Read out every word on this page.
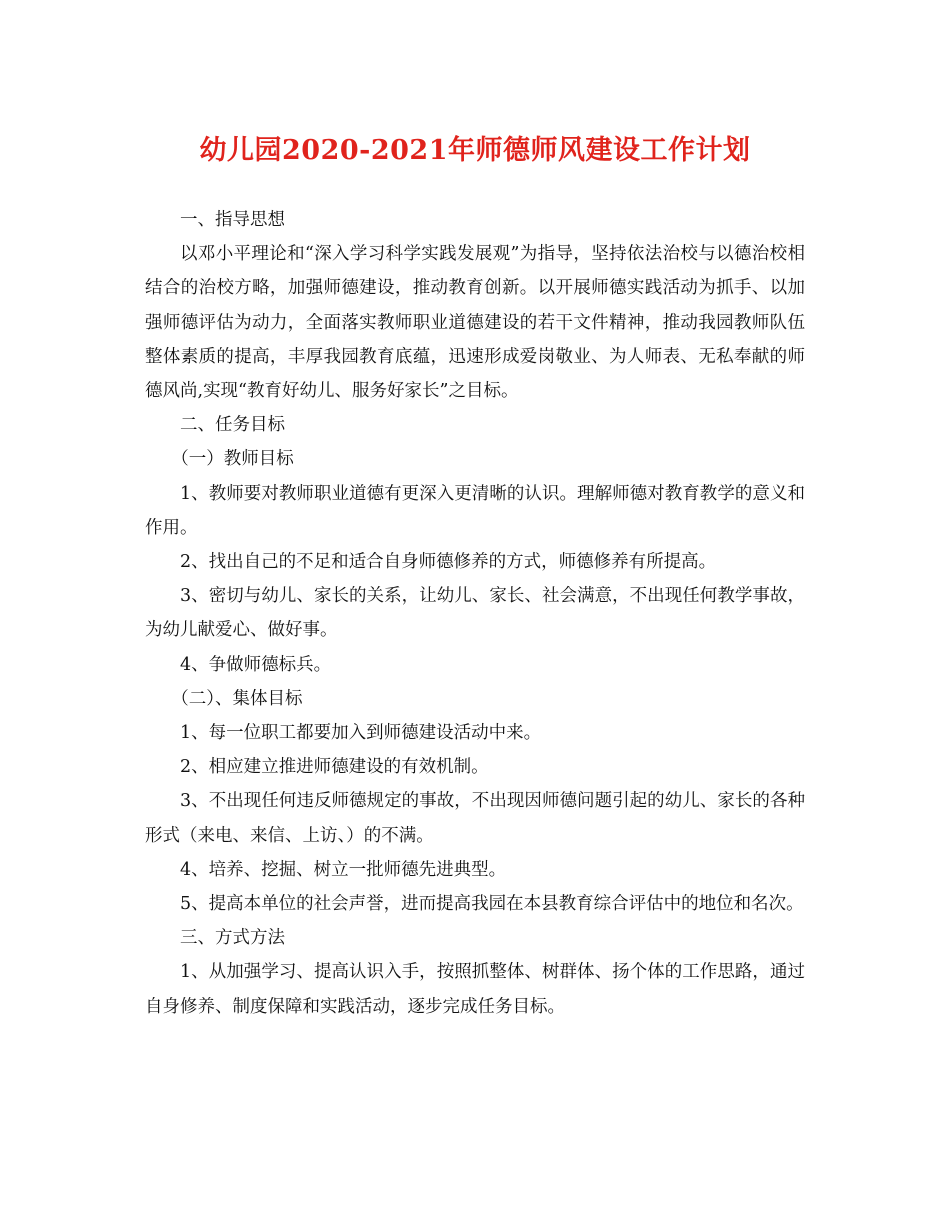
幼儿园2020-2021年师德师风建设工作计划

一、指导思想

以邓小平理论和“深入学习科学实践发展观”为指导，坚持依法治校与以德治校相结合的治校方略，加强师德建设，推动教育创新。以开展师德实践活动为抓手、以加强师德评估为动力，全面落实教师职业道德建设的若干文件精神，推动我园教师队伍整体素质的提高，丰厚我园教育底蕴，迅速形成爱岗敬业、为人师表、无私奉献的师德风尚,实现“教育好幼儿、服务好家长”之目标。

二、任务目标

（一）教师目标

1、教师要对教师职业道德有更深入更清晰的认识。理解师德对教育教学的意义和作用。

2、找出自己的不足和适合自身师德修养的方式，师德修养有所提高。

3、密切与幼儿、家长的关系，让幼儿、家长、社会满意，不出现任何教学事故，为幼儿献爱心、做好事。

4、争做师德标兵。

（二）、集体目标

1、每一位职工都要加入到师德建设活动中来。

2、相应建立推进师德建设的有效机制。

3、不出现任何违反师德规定的事故，不出现因师德问题引起的幼儿、家长的各种形式（来电、来信、上访、）的不满。

4、培养、挖掘、树立一批师德先进典型。

5、提高本单位的社会声誉，进而提高我园在本县教育综合评估中的地位和名次。

三、方式方法

1、从加强学习、提高认识入手，按照抓整体、树群体、扬个体的工作思路，通过自身修养、制度保障和实践活动，逐步完成任务目标。
